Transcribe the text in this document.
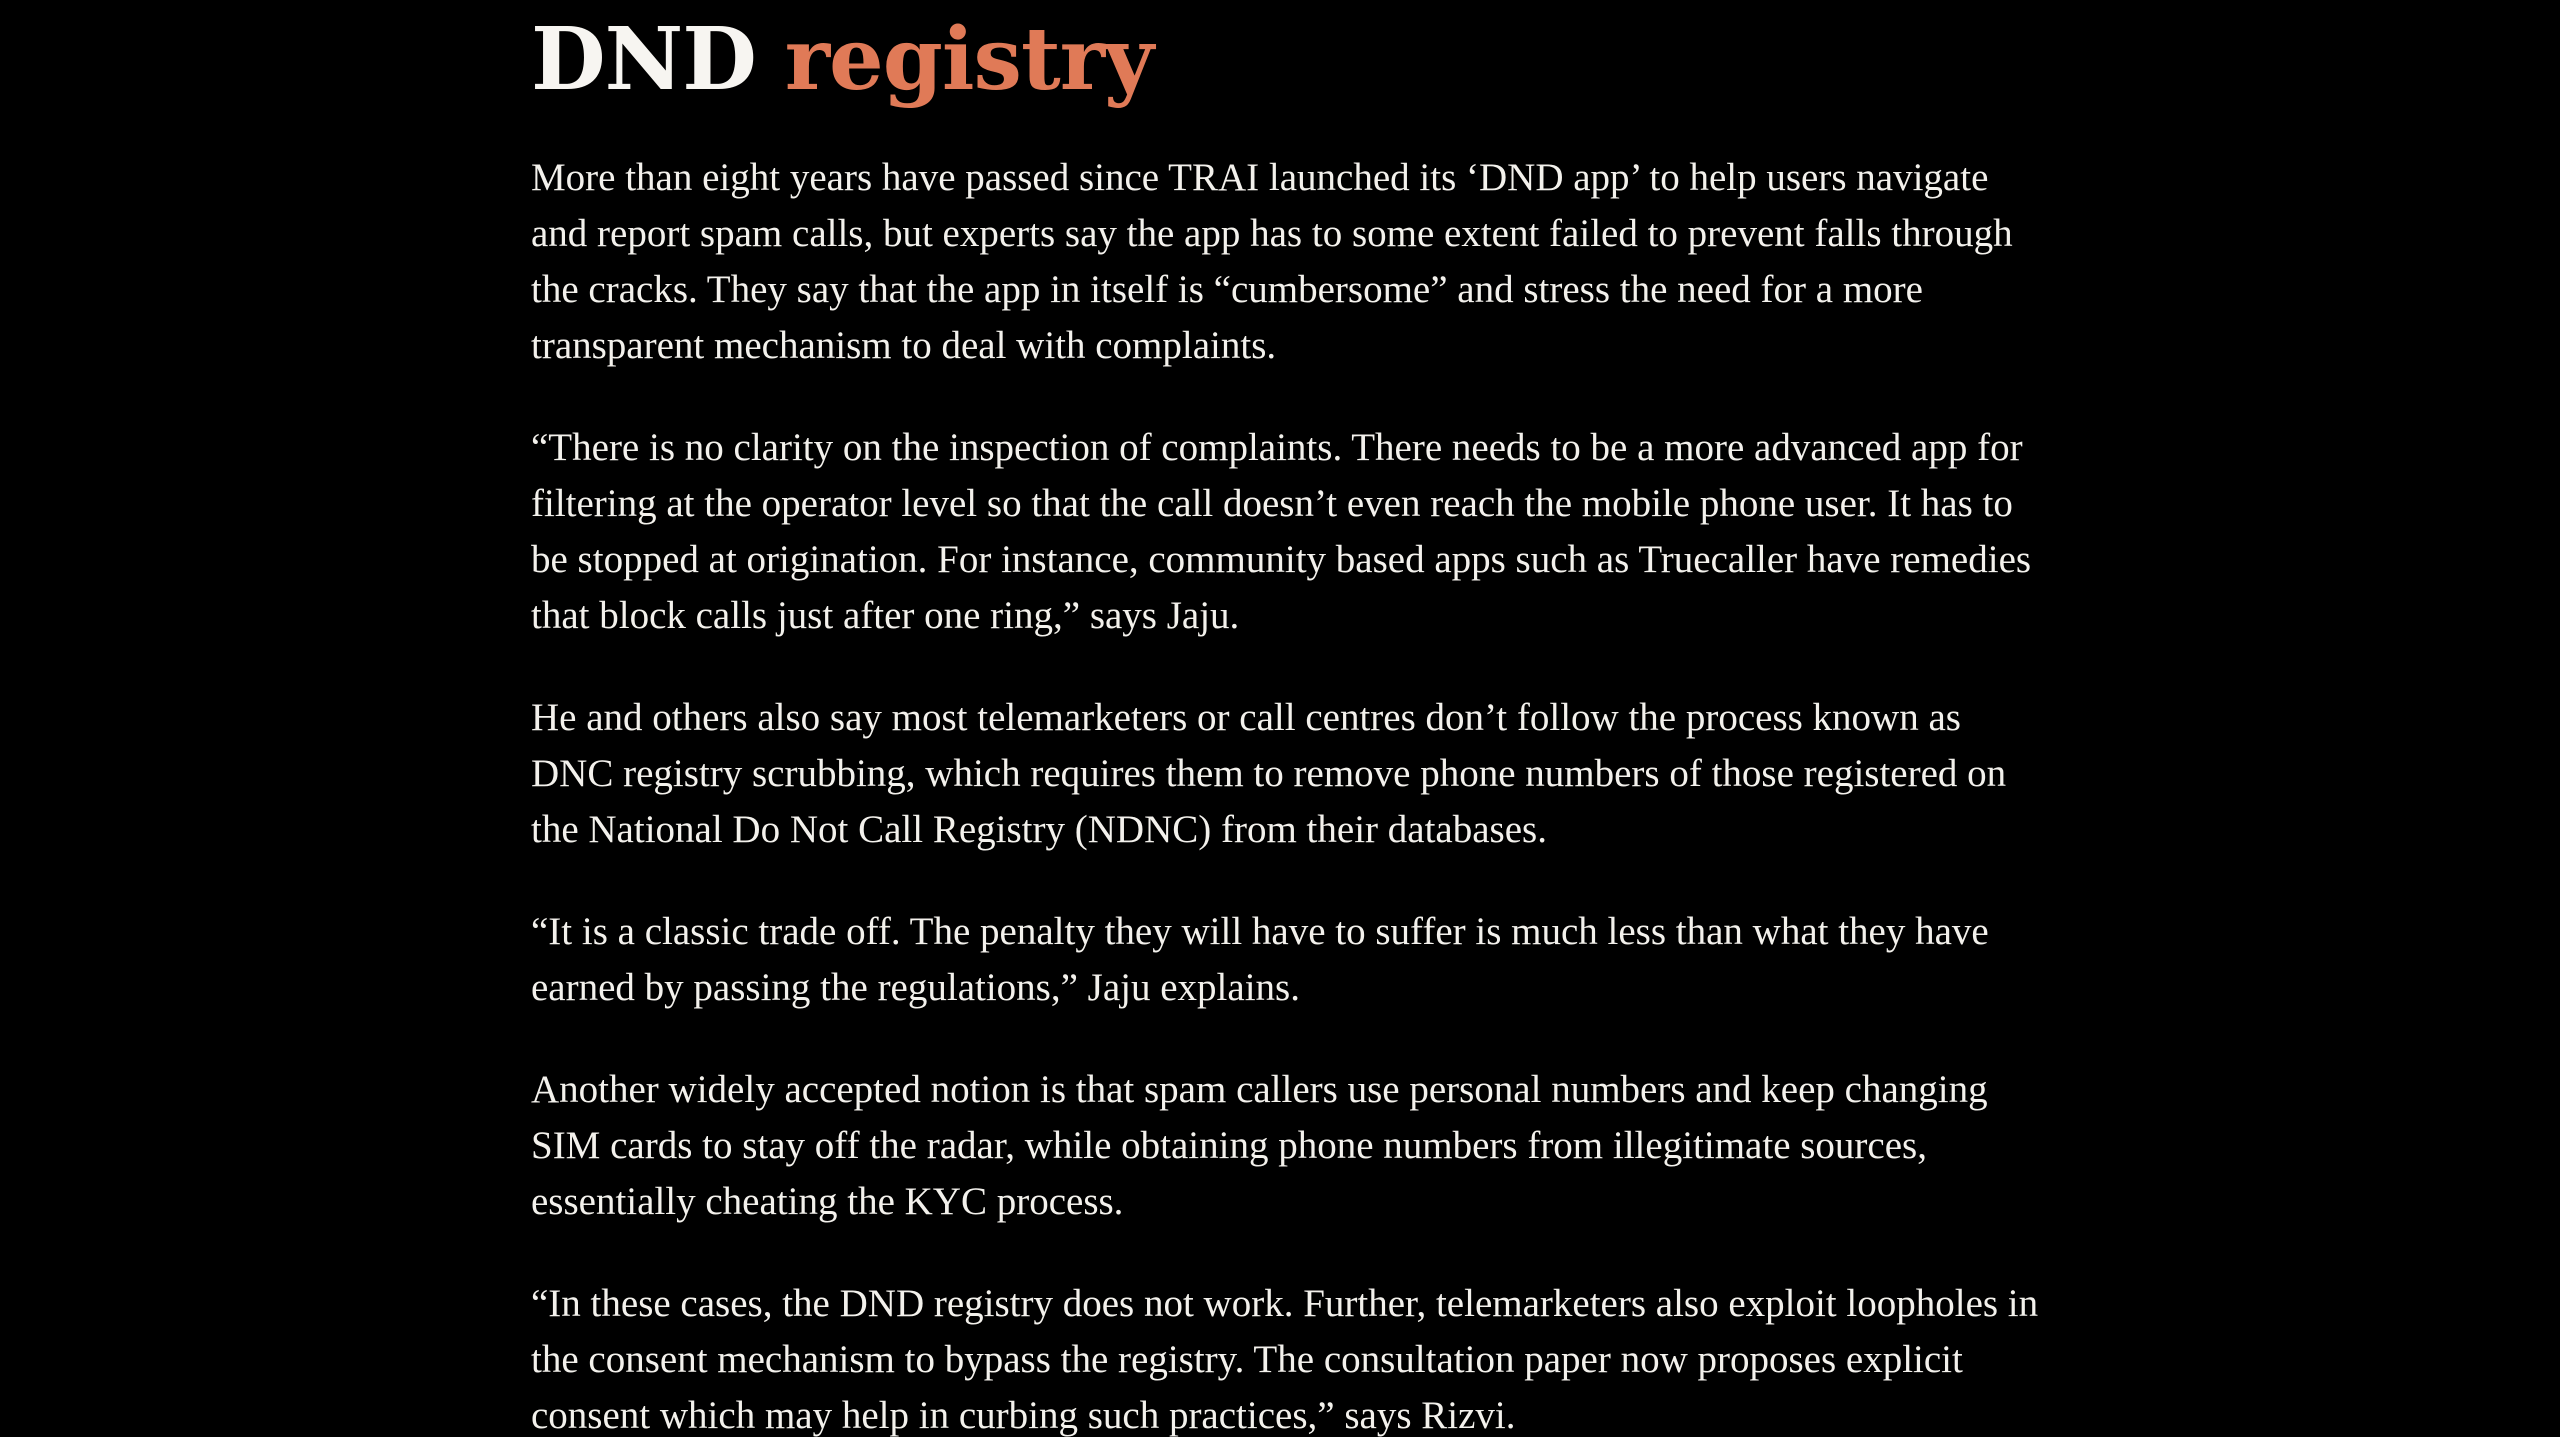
DND registry

More than eight years have passed since TRAI launched its ‘DND app’ to help users navigate and report spam calls, but experts say the app has to some extent failed to prevent falls through the cracks. They say that the app in itself is “cumbersome” and stress the need for a more transparent mechanism to deal with complaints.

“There is no clarity on the inspection of complaints. There needs to be a more advanced app for filtering at the operator level so that the call doesn’t even reach the mobile phone user. It has to be stopped at origination. For instance, community based apps such as Truecaller have remedies that block calls just after one ring,” says Jaju.

He and others also say most telemarketers or call centres don’t follow the process known as DNC registry scrubbing, which requires them to remove phone numbers of those registered on the National Do Not Call Registry (NDNC) from their databases.

“It is a classic trade off. The penalty they will have to suffer is much less than what they have earned by passing the regulations,” Jaju explains.

Another widely accepted notion is that spam callers use personal numbers and keep changing SIM cards to stay off the radar, while obtaining phone numbers from illegitimate sources, essentially cheating the KYC process.

“In these cases, the DND registry does not work. Further, telemarketers also exploit loopholes in the consent mechanism to bypass the registry. The consultation paper now proposes explicit consent which may help in curbing such practices,” says Rizvi.
